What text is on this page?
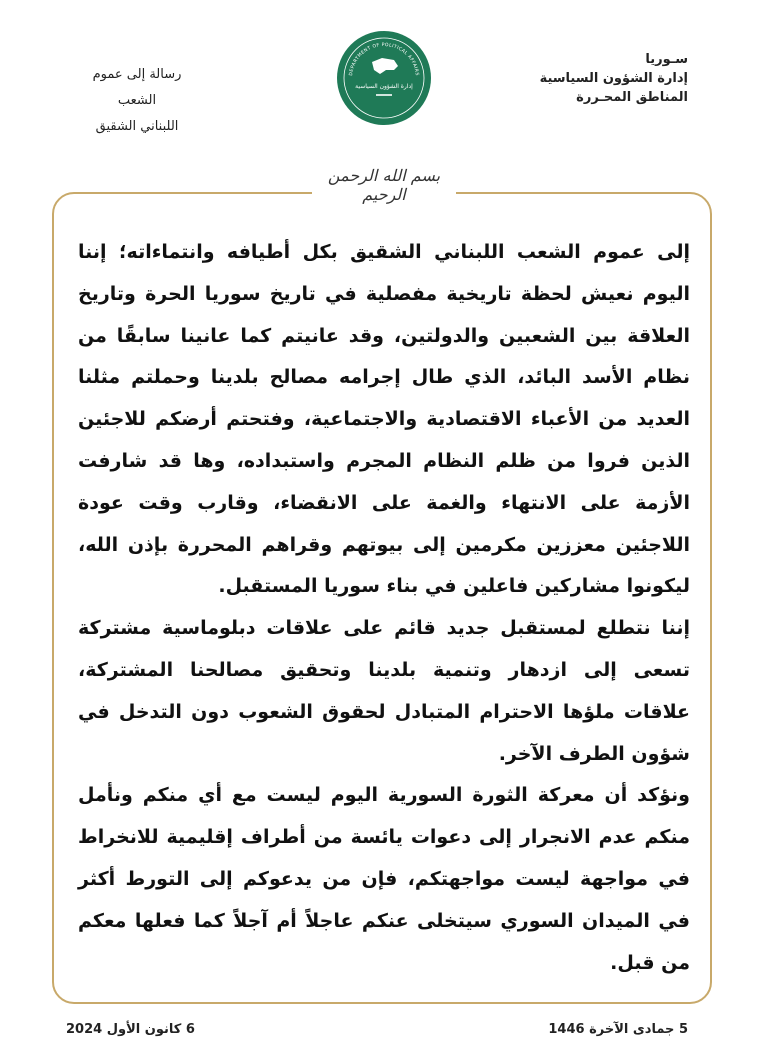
سـوريا
إدارة الشؤون السياسية
المناطق المحـررة
DEPARTMENT OF POLITICAL AFFAIRS
إدارة الشؤون السياسية
رسالة إلى عموم الشعب
اللبناني الشقيق
بسم الله الرحمن الرحيم

إلى عموم الشعب اللبناني الشقيق بكل أطيافه وانتماءاته؛ إننا اليوم نعيش لحظة تاريخية مفصلية في تاريخ سوريا الحرة وتاريخ العلاقة بين الشعبين والدولتين، وقد عانيتم كما عانينا سابقًا من نظام الأسد البائد، الذي طال إجرامه مصالح بلدينا وحملتم مثلنا العديد من الأعباء الاقتصادية والاجتماعية، وفتحتم أرضكم للاجئين الذين فروا من ظلم النظام المجرم واستبداده، وها قد شارفت الأزمة على الانتهاء والغمة على الانقضاء، وقارب وقت عودة اللاجئين معززين مكرمين إلى بيوتهم وقراهم المحررة بإذن الله، ليكونوا مشاركين فاعلين في بناء سوريا المستقبل.

إننا نتطلع لمستقبل جديد قائم على علاقات دبلوماسية مشتركة تسعى إلى ازدهار وتنمية بلدينا وتحقيق مصالحنا المشتركة، علاقات ملؤها الاحترام المتبادل لحقوق الشعوب دون التدخل في شؤون الطرف الآخر.

ونؤكد أن معركة الثورة السورية اليوم ليست مع أي منكم ونأمل منكم عدم الانجرار إلى دعوات يائسة من أطراف إقليمية للانخراط في مواجهة ليست مواجهتكم، فإن من يدعوكم إلى التورط أكثر في الميدان السوري سيتخلى عنكم عاجلاً أم آجلاً كما فعلها معكم من قبل.

6 كانون الأول 2024	5 جمادى الآخرة 1446
